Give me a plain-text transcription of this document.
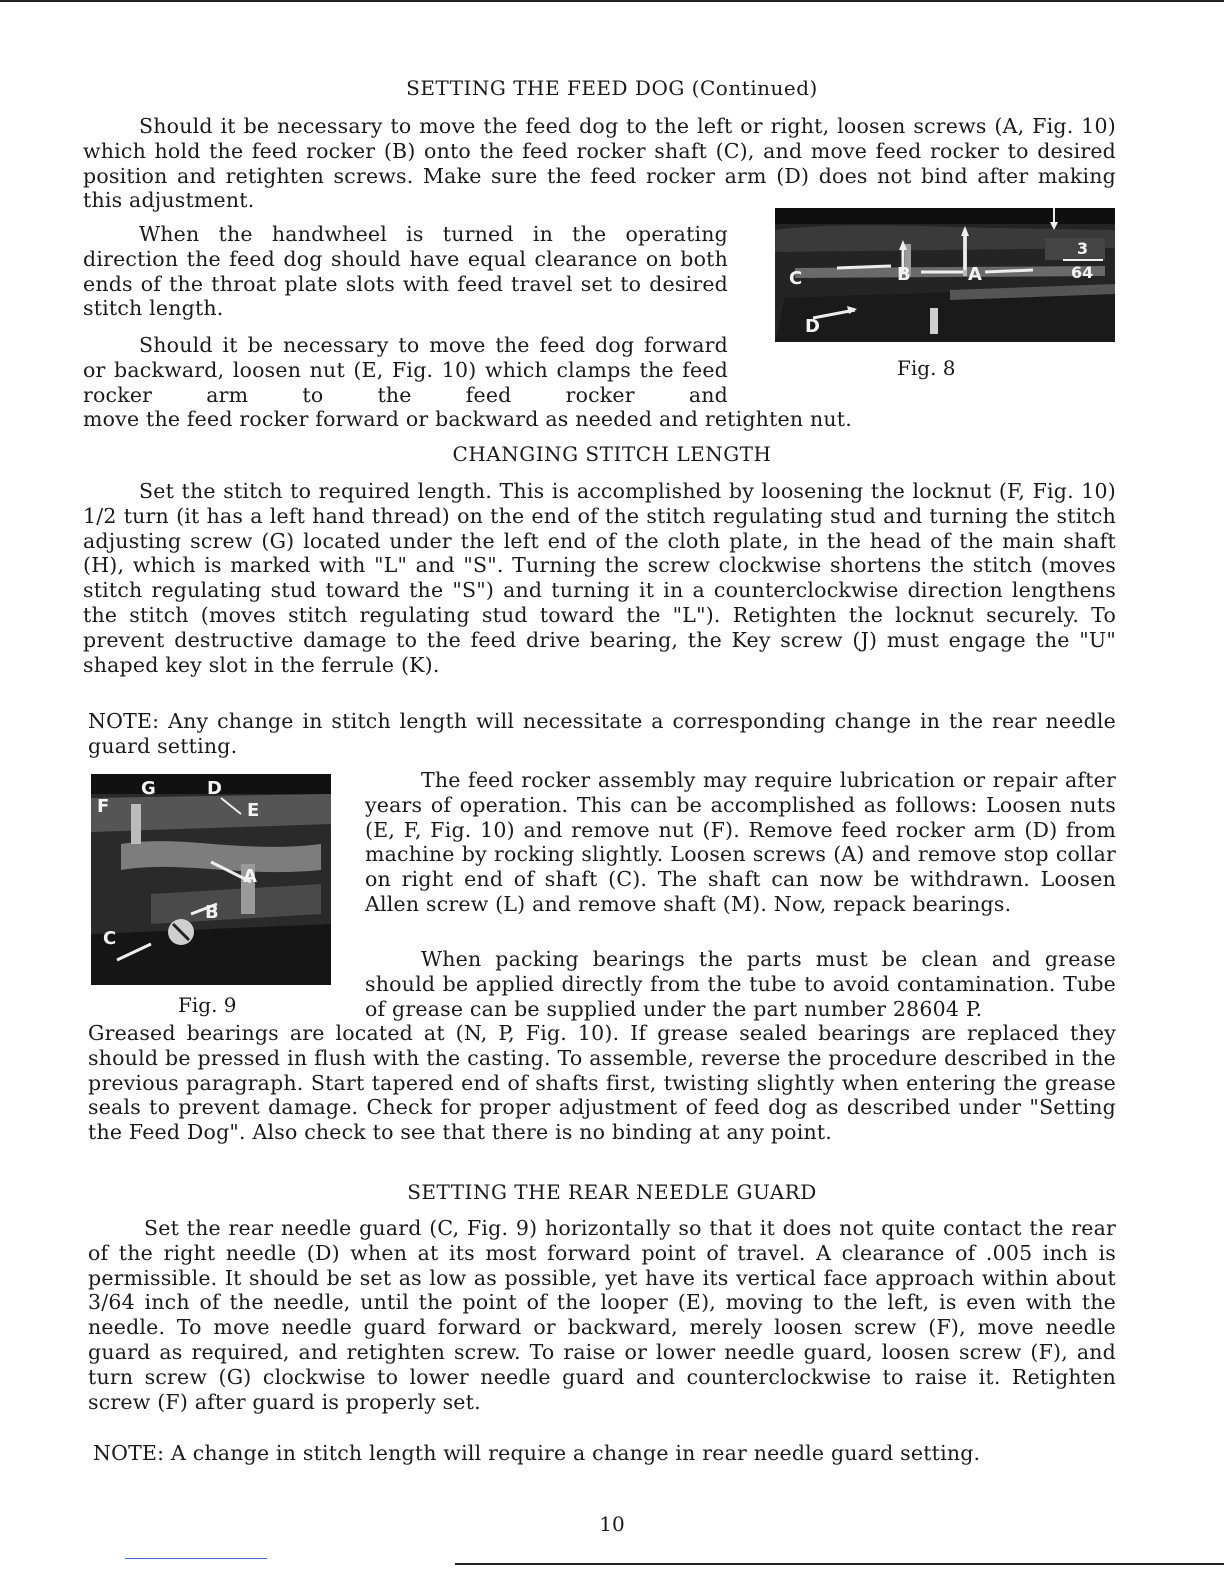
SETTING THE FEED DOG (Continued)

Should it be necessary to move the feed dog to the left or right, loosen screws (A, Fig. 10) which hold the feed rocker (B) onto the feed rocker shaft (C), and move feed rocker to desired position and retighten screws. Make sure the feed rocker arm (D) does not bind after making this adjustment.

When the handwheel is turned in the operating direction the feed dog should have equal clearance on both ends of the throat plate slots with feed travel set to desired stitch length.

Should it be necessary to move the feed dog forward or backward, loosen nut (E, Fig. 10) which clamps the feed rocker arm to the feed rocker and

move the feed rocker forward or backward as needed and retighten nut.

C	B	A
D
3
64
Fig. 8
CHANGING STITCH LENGTH

Set the stitch to required length. This is accomplished by loosening the locknut (F, Fig. 10) 1/2 turn (it has a left hand thread) on the end of the stitch regulating stud and turning the stitch adjusting screw (G) located under the left end of the cloth plate, in the head of the main shaft (H), which is marked with "L" and "S". Turning the screw clockwise shortens the stitch (moves stitch regulating stud toward the "S") and turning it in a counterclockwise direction lengthens the stitch (moves stitch regulating stud toward the "L"). Retighten the locknut securely. To prevent destructive damage to the feed drive bearing, the Key screw (J) must engage the "U" shaped key slot in the ferrule (K).

NOTE: Any change in stitch length will necessitate a corresponding change in the rear needle guard setting.

G	D
E
F
A
B
C
Fig. 9

The feed rocker assembly may require lubrication or repair after years of operation. This can be accomplished as follows: Loosen nuts (E, F, Fig. 10) and remove nut (F). Remove feed rocker arm (D) from machine by rocking slightly. Loosen screws (A) and remove stop collar on right end of shaft (C). The shaft can now be withdrawn. Loosen Allen screw (L) and remove shaft (M). Now, repack bearings.

When packing bearings the parts must be clean and grease should be applied directly from the tube to avoid contamination. Tube of grease can be supplied under the part number 28604 P.

Greased bearings are located at (N, P, Fig. 10). If grease sealed bearings are replaced they should be pressed in flush with the casting. To assemble, reverse the procedure described in the previous paragraph. Start tapered end of shafts first, twisting slightly when entering the grease seals to prevent damage. Check for proper adjustment of feed dog as described under "Setting the Feed Dog". Also check to see that there is no binding at any point.

SETTING THE REAR NEEDLE GUARD

Set the rear needle guard (C, Fig. 9) horizontally so that it does not quite contact the rear of the right needle (D) when at its most forward point of travel. A clearance of .005 inch is permissible. It should be set as low as possible, yet have its vertical face approach within about 3/64 inch of the needle, until the point of the looper (E), moving to the left, is even with the needle. To move needle guard forward or backward, merely loosen screw (F), move needle guard as required, and retighten screw. To raise or lower needle guard, loosen screw (F), and turn screw (G) clockwise to lower needle guard and counterclockwise to raise it. Retighten screw (F) after guard is properly set.

NOTE: A change in stitch length will require a change in rear needle guard setting.

10
